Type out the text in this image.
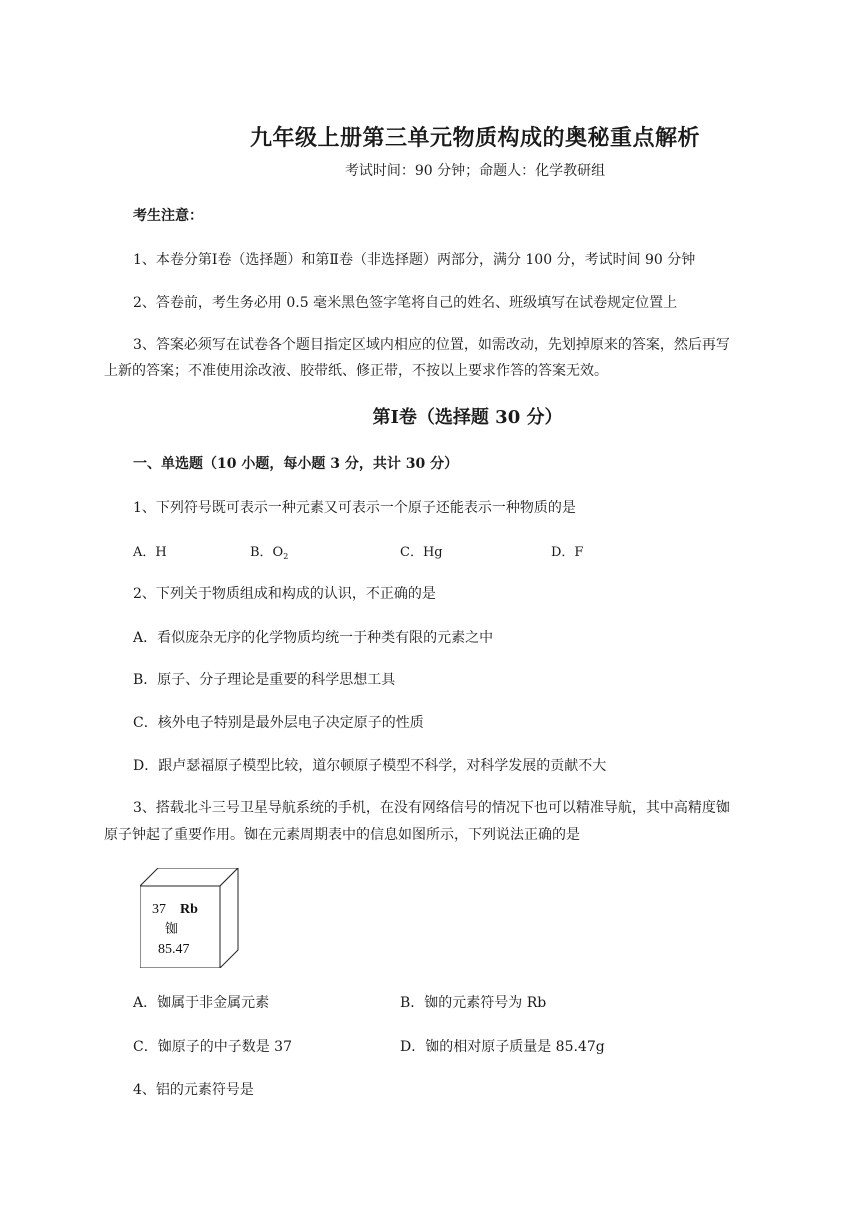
九年级上册第三单元物质构成的奥秘重点解析
考试时间：90 分钟；命题人：化学教研组
考生注意：
1、本卷分第Ⅰ卷（选择题）和第Ⅱ卷（非选择题）两部分，满分 100 分，考试时间 90 分钟
2、答卷前，考生务必用 0.5 毫米黑色签字笔将自己的姓名、班级填写在试卷规定位置上
3、答案必须写在试卷各个题目指定区域内相应的位置，如需改动，先划掉原来的答案，然后再写
上新的答案；不准使用涂改液、胶带纸、修正带，不按以上要求作答的答案无效。
第Ⅰ卷（选择题 30 分）
一、单选题（10 小题，每小题 3 分，共计 30 分）
1、下列符号既可表示一种元素又可表示一个原子还能表示一种物质的是
A．H	B．$O_2$	C．Hg	D．F
2、下列关于物质组成和构成的认识，不正确的是
A．看似庞杂无序的化学物质均统一于种类有限的元素之中
B．原子、分子理论是重要的科学思想工具
C．核外电子特别是最外层电子决定原子的性质
D．跟卢瑟福原子模型比较，道尔顿原子模型不科学，对科学发展的贡献不大
3、搭载北斗三号卫星导航系统的手机，在没有网络信号的情况下也可以精准导航，其中高精度铷
原子钟起了重要作用。铷在元素周期表中的信息如图所示，下列说法正确的是
37 Rb
铷
85.47
A．铷属于非金属元素	B．铷的元素符号为 Rb
C．铷原子的中子数是 37	D．铷的相对原子质量是 85.47g
4、铝的元素符号是
